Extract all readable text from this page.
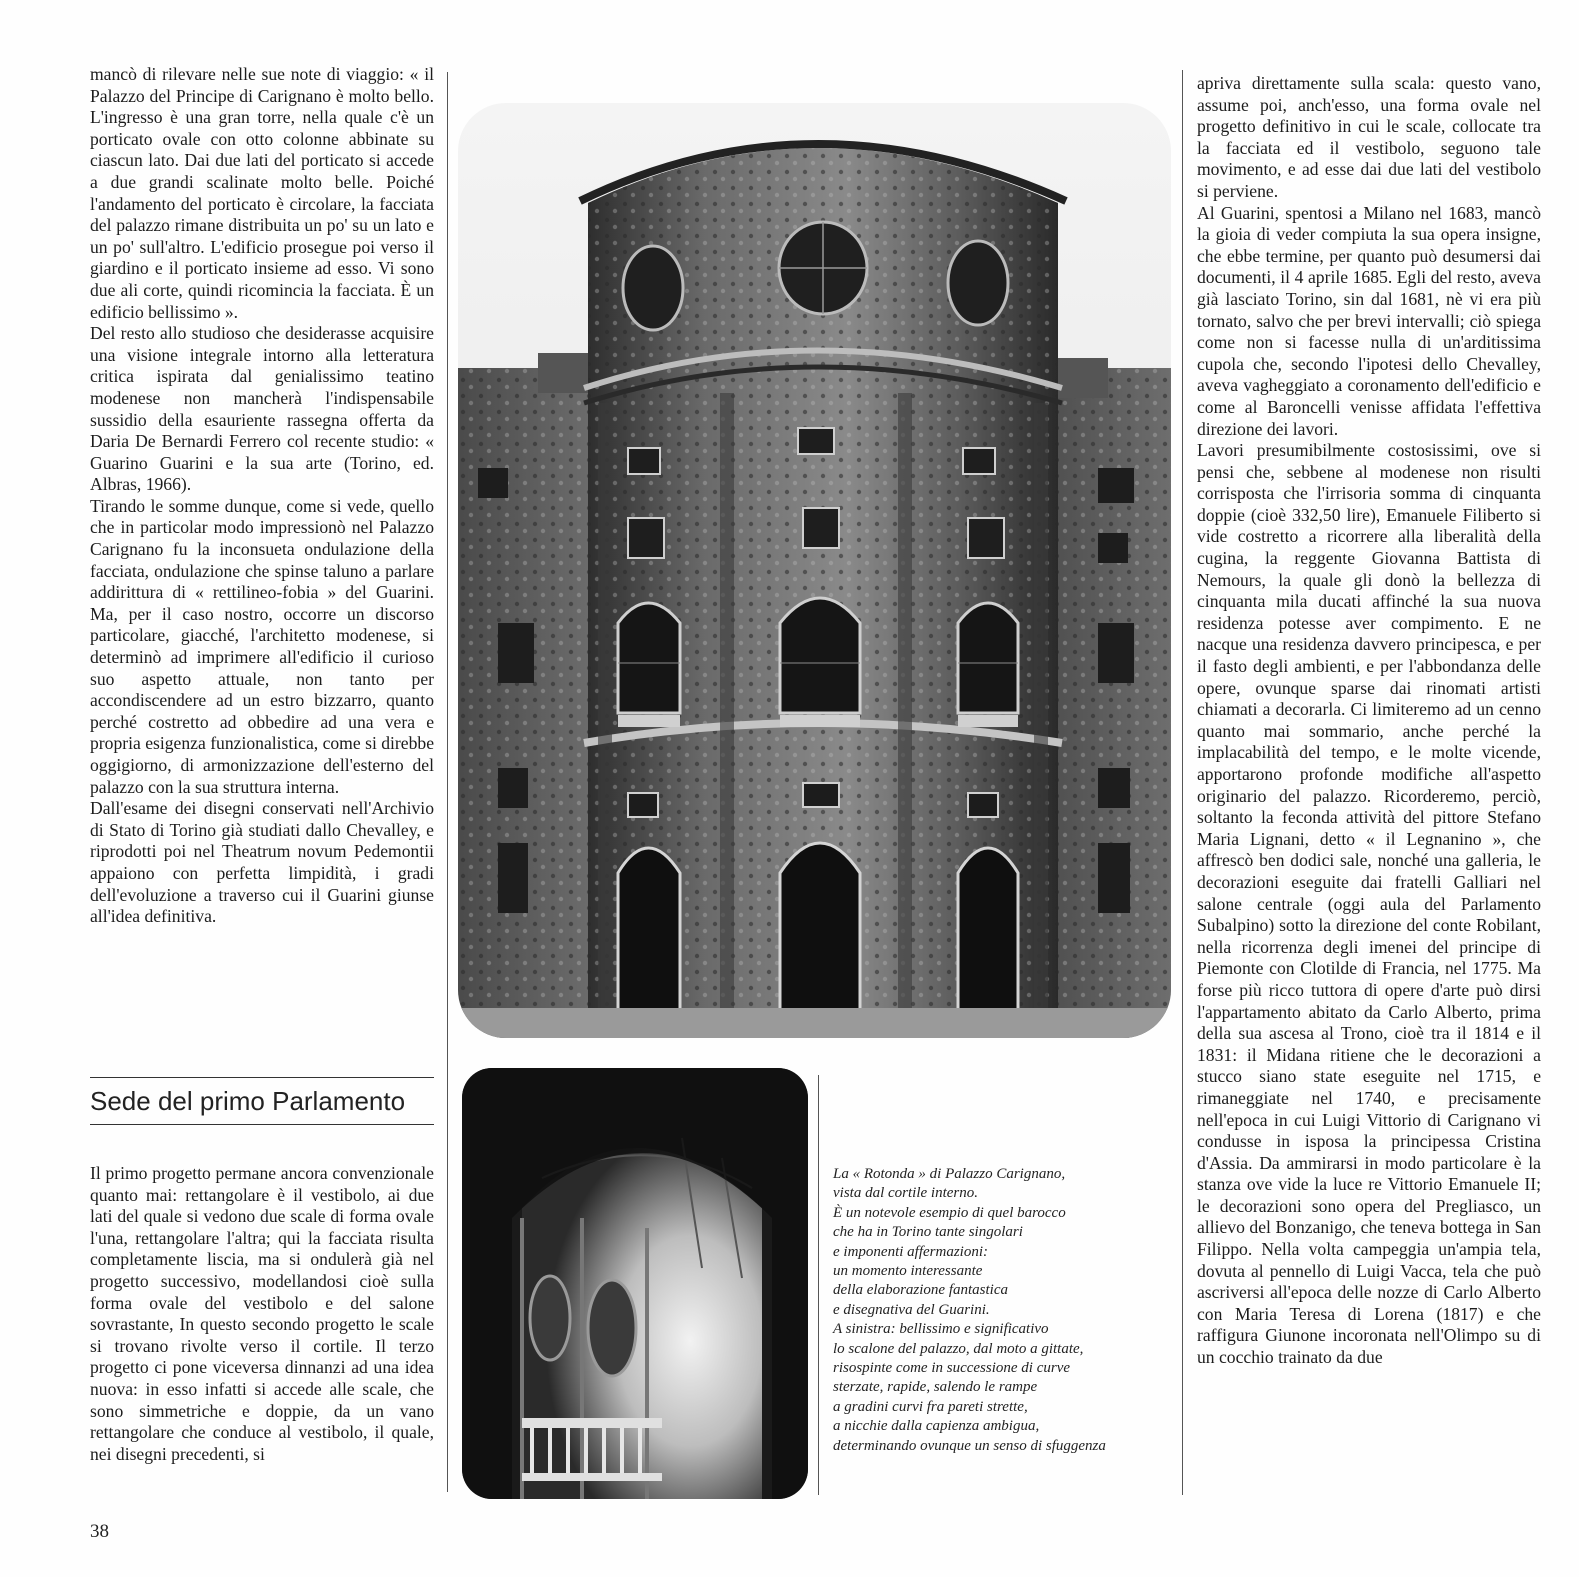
mancò di rilevare nelle sue note di viaggio: « il Palazzo del Principe di Carignano è molto bello. L'ingresso è una gran torre, nella quale c'è un porticato ovale con otto colonne abbinate su ciascun lato. Dai due lati del porticato si accede a due grandi scalinate molto belle. Poiché l'andamento del porticato è circolare, la facciata del palazzo rimane distribuita un po' su un lato e un po' sull'altro. L'edificio prosegue poi verso il giardino e il porticato insieme ad esso. Vi sono due ali corte, quindi ricomincia la facciata. È un edificio bellissimo ».

Del resto allo studioso che desiderasse acquisire una visione integrale intorno alla letteratura critica ispirata dal genialissimo teatino modenese non mancherà l'indispensabile sussidio della esauriente rassegna offerta da Daria De Bernardi Ferrero col recente studio: « Guarino Guarini e la sua arte (Torino, ed. Albras, 1966).

Tirando le somme dunque, come si vede, quello che in particolar modo impressionò nel Palazzo Carignano fu la inconsueta ondulazione della facciata, ondulazione che spinse taluno a parlare addirittura di « rettilineo-fobia » del Guarini. Ma, per il caso nostro, occorre un discorso particolare, giacché, l'architetto modenese, si determinò ad imprimere all'edificio il curioso suo aspetto attuale, non tanto per accondiscendere ad un estro bizzarro, quanto perché costretto ad obbedire ad una vera e propria esigenza funzionalistica, come si direbbe oggigiorno, di armonizzazione dell'esterno del palazzo con la sua struttura interna.

Dall'esame dei disegni conservati nell'Archivio di Stato di Torino già studiati dallo Chevalley, e riprodotti poi nel Theatrum novum Pedemontii appaiono con perfetta limpidità, i gradi dell'evoluzione a traverso cui il Guarini giunse all'idea definitiva.

Sede del primo Parlamento

Il primo progetto permane ancora convenzionale quanto mai: rettangolare è il vestibolo, ai due lati del quale si vedono due scale di forma ovale l'una, rettangolare l'altra; qui la facciata risulta completamente liscia, ma si ondulerà già nel progetto successivo, modellandosi cioè sulla forma ovale del vestibolo e del salone sovrastante, In questo secondo progetto le scale si trovano rivolte verso il cortile. Il terzo progetto ci pone viceversa dinnanzi ad una idea nuova: in esso infatti si accede alle scale, che sono simmetriche e doppie, da un vano rettangolare che conduce al vestibolo, il quale, nei disegni precedenti, si

La « Rotonda » di Palazzo Carignano,
vista dal cortile interno.
È un notevole esempio di quel barocco
che ha in Torino tante singolari
e imponenti affermazioni:
un momento interessante
della elaborazione fantastica
e disegnativa del Guarini.
A sinistra: bellissimo e significativo
lo scalone del palazzo, dal moto a gittate,
risospinte come in successione di curve
sterzate, rapide, salendo le rampe
a gradini curvi fra pareti strette,
a nicchie dalla capienza ambigua,
determinando ovunque un senso di sfuggenza

apriva direttamente sulla scala: questo vano, assume poi, anch'esso, una forma ovale nel progetto definitivo in cui le scale, collocate tra la facciata ed il vestibolo, seguono tale movimento, e ad esse dai due lati del vestibolo si perviene.

Al Guarini, spentosi a Milano nel 1683, mancò la gioia di veder compiuta la sua opera insigne, che ebbe termine, per quanto può desumersi dai documenti, il 4 aprile 1685. Egli del resto, aveva già lasciato Torino, sin dal 1681, nè vi era più tornato, salvo che per brevi intervalli; ciò spiega come non si facesse nulla di un'arditissima cupola che, secondo l'ipotesi dello Chevalley, aveva vagheggiato a coronamento dell'edificio e come al Baroncelli venisse affidata l'effettiva direzione dei lavori.

Lavori presumibilmente costosissimi, ove si pensi che, sebbene al modenese non risulti corrisposta che l'irrisoria somma di cinquanta doppie (cioè 332,50 lire), Emanuele Filiberto si vide costretto a ricorrere alla liberalità della cugina, la reggente Giovanna Battista di Nemours, la quale gli donò la bellezza di cinquanta mila ducati affinché la sua nuova residenza potesse aver compimento. E ne nacque una residenza davvero principesca, e per il fasto degli ambienti, e per l'abbondanza delle opere, ovunque sparse dai rinomati artisti chiamati a decorarla. Ci limiteremo ad un cenno quanto mai sommario, anche perché la implacabilità del tempo, e le molte vicende, apportarono profonde modifiche all'aspetto originario del palazzo. Ricorderemo, perciò, soltanto la feconda attività del pittore Stefano Maria Lignani, detto « il Legnanino », che affrescò ben dodici sale, nonché una galleria, le decorazioni eseguite dai fratelli Galliari nel salone centrale (oggi aula del Parlamento Subalpino) sotto la direzione del conte Robilant, nella ricorrenza degli imenei del principe di Piemonte con Clotilde di Francia, nel 1775. Ma forse più ricco tuttora di opere d'arte può dirsi l'appartamento abitato da Carlo Alberto, prima della sua ascesa al Trono, cioè tra il 1814 e il 1831: il Midana ritiene che le decorazioni a stucco siano state eseguite nel 1715, e rimaneggiate nel 1740, e precisamente nell'epoca in cui Luigi Vittorio di Carignano vi condusse in isposa la principessa Cristina d'Assia. Da ammirarsi in modo particolare è la stanza ove vide la luce re Vittorio Emanuele II; le decorazioni sono opera del Pregliasco, un allievo del Bonzanigo, che teneva bottega in San Filippo. Nella volta campeggia un'ampia tela, dovuta al pennello di Luigi Vacca, tela che può ascriversi all'epoca delle nozze di Carlo Alberto con Maria Teresa di Lorena (1817) e che raffigura Giunone incoronata nell'Olimpo su di un cocchio trainato da due

38
